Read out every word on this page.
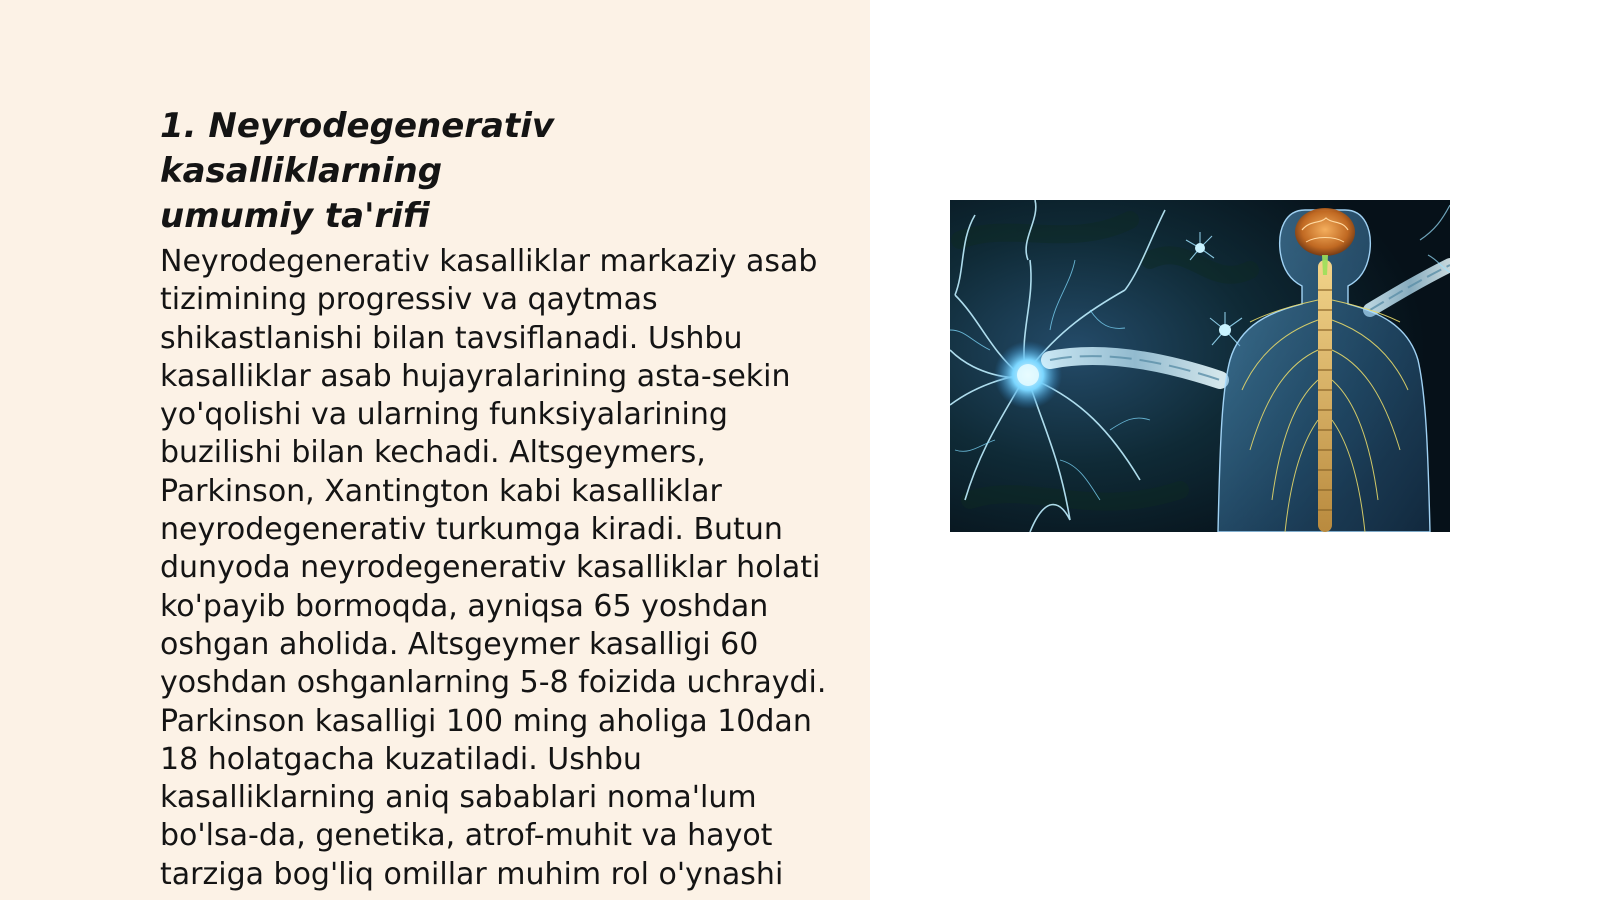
1. Neyrodegenerativ kasalliklarning
umumiy ta'rifi
Neyrodegenerativ kasalliklar markaziy asab
tizimining progressiv va qaytmas
shikastlanishi bilan tavsiflanadi. Ushbu
kasalliklar asab hujayralarining asta-sekin
yo'qolishi va ularning funksiyalarining
buzilishi bilan kechadi. Altsgeymers,
Parkinson, Xantington kabi kasalliklar
neyrodegenerativ turkumga kiradi. Butun
dunyoda neyrodegenerativ kasalliklar holati
ko'payib bormoqda, ayniqsa 65 yoshdan
oshgan aholida. Altsgeymer kasalligi 60
yoshdan oshganlarning 5-8 foizida uchraydi.
Parkinson kasalligi 100 ming aholiga 10dan
18 holatgacha kuzatiladi. Ushbu
kasalliklarning aniq sabablari noma'lum
bo'lsa-da, genetika, atrof-muhit va hayot
tarziga bog'liq omillar muhim rol o'ynashi
